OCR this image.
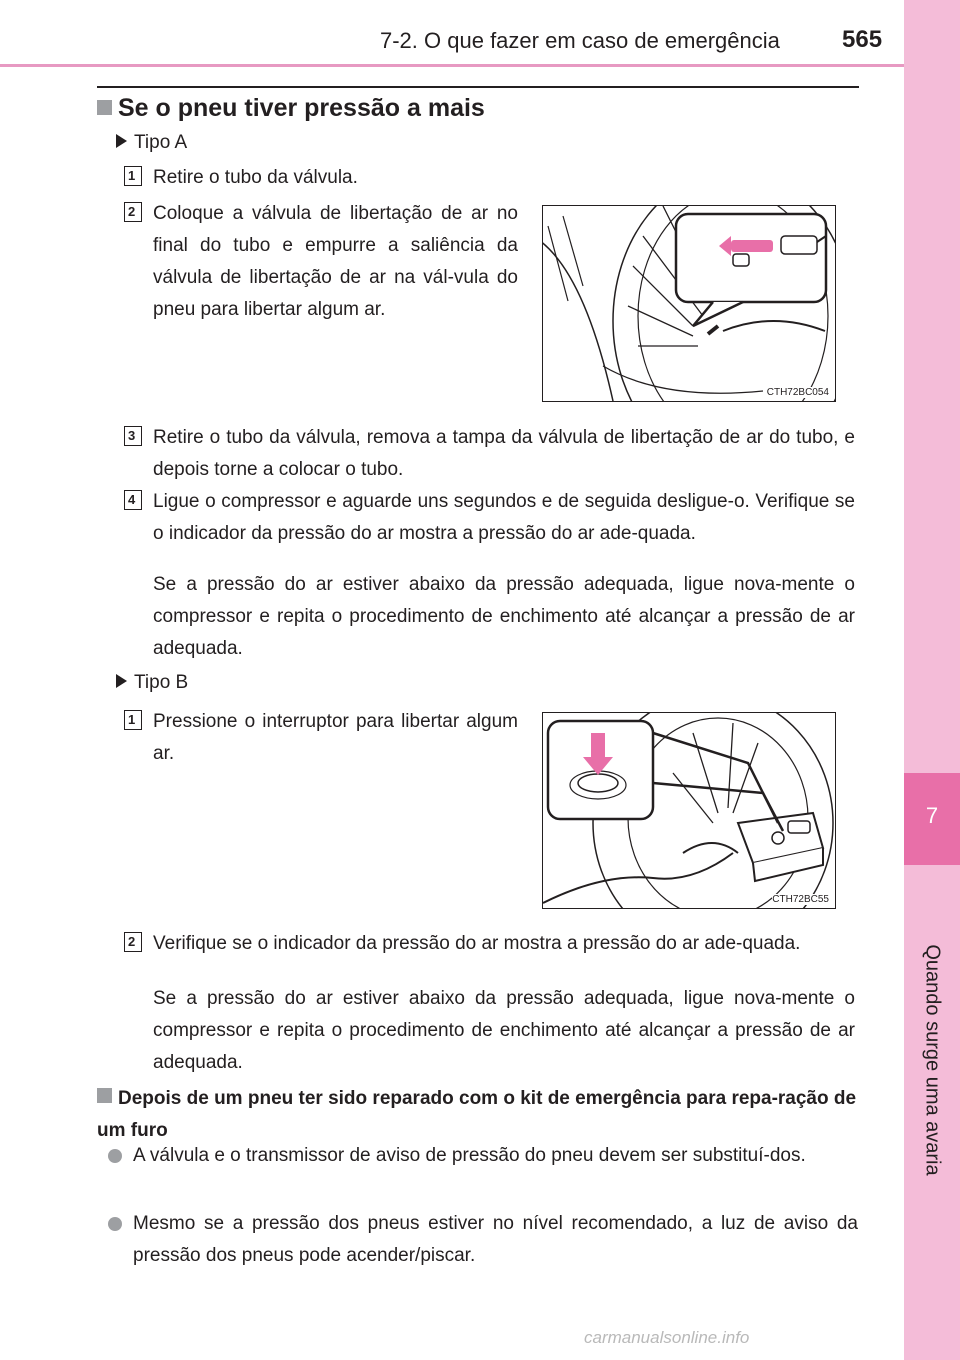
7-2. O que fazer em caso de emergência	565
7
Quando surge uma avaria
Se o pneu tiver pressão a mais
Tipo A
1 Retire o tubo da válvula.
2 Coloque a válvula de libertação de ar no final do tubo e empurre a saliência da válvula de libertação de ar na vál-vula do pneu para libertar algum ar.
CTH72BC054
3 Retire o tubo da válvula, remova a tampa da válvula de libertação de ar do tubo, e depois torne a colocar o tubo.
4 Ligue o compressor e aguarde uns segundos e de seguida desligue-o. Verifique se o indicador da pressão do ar mostra a pressão do ar ade-quada.
Se a pressão do ar estiver abaixo da pressão adequada, ligue nova-mente o compressor e repita o procedimento de enchimento até alcançar a pressão de ar adequada.
Tipo B
1 Pressione o interruptor para libertar algum ar.
CTH72BC55
2 Verifique se o indicador da pressão do ar mostra a pressão do ar ade-quada.
Se a pressão do ar estiver abaixo da pressão adequada, ligue nova-mente o compressor e repita o procedimento de enchimento até alcançar a pressão de ar adequada.
Depois de um pneu ter sido reparado com o kit de emergência para repa-ração de um furo
A válvula e o transmissor de aviso de pressão do pneu devem ser substituí-dos.
Mesmo se a pressão dos pneus estiver no nível recomendado, a luz de aviso da pressão dos pneus pode acender/piscar.
carmanualsonline.info
